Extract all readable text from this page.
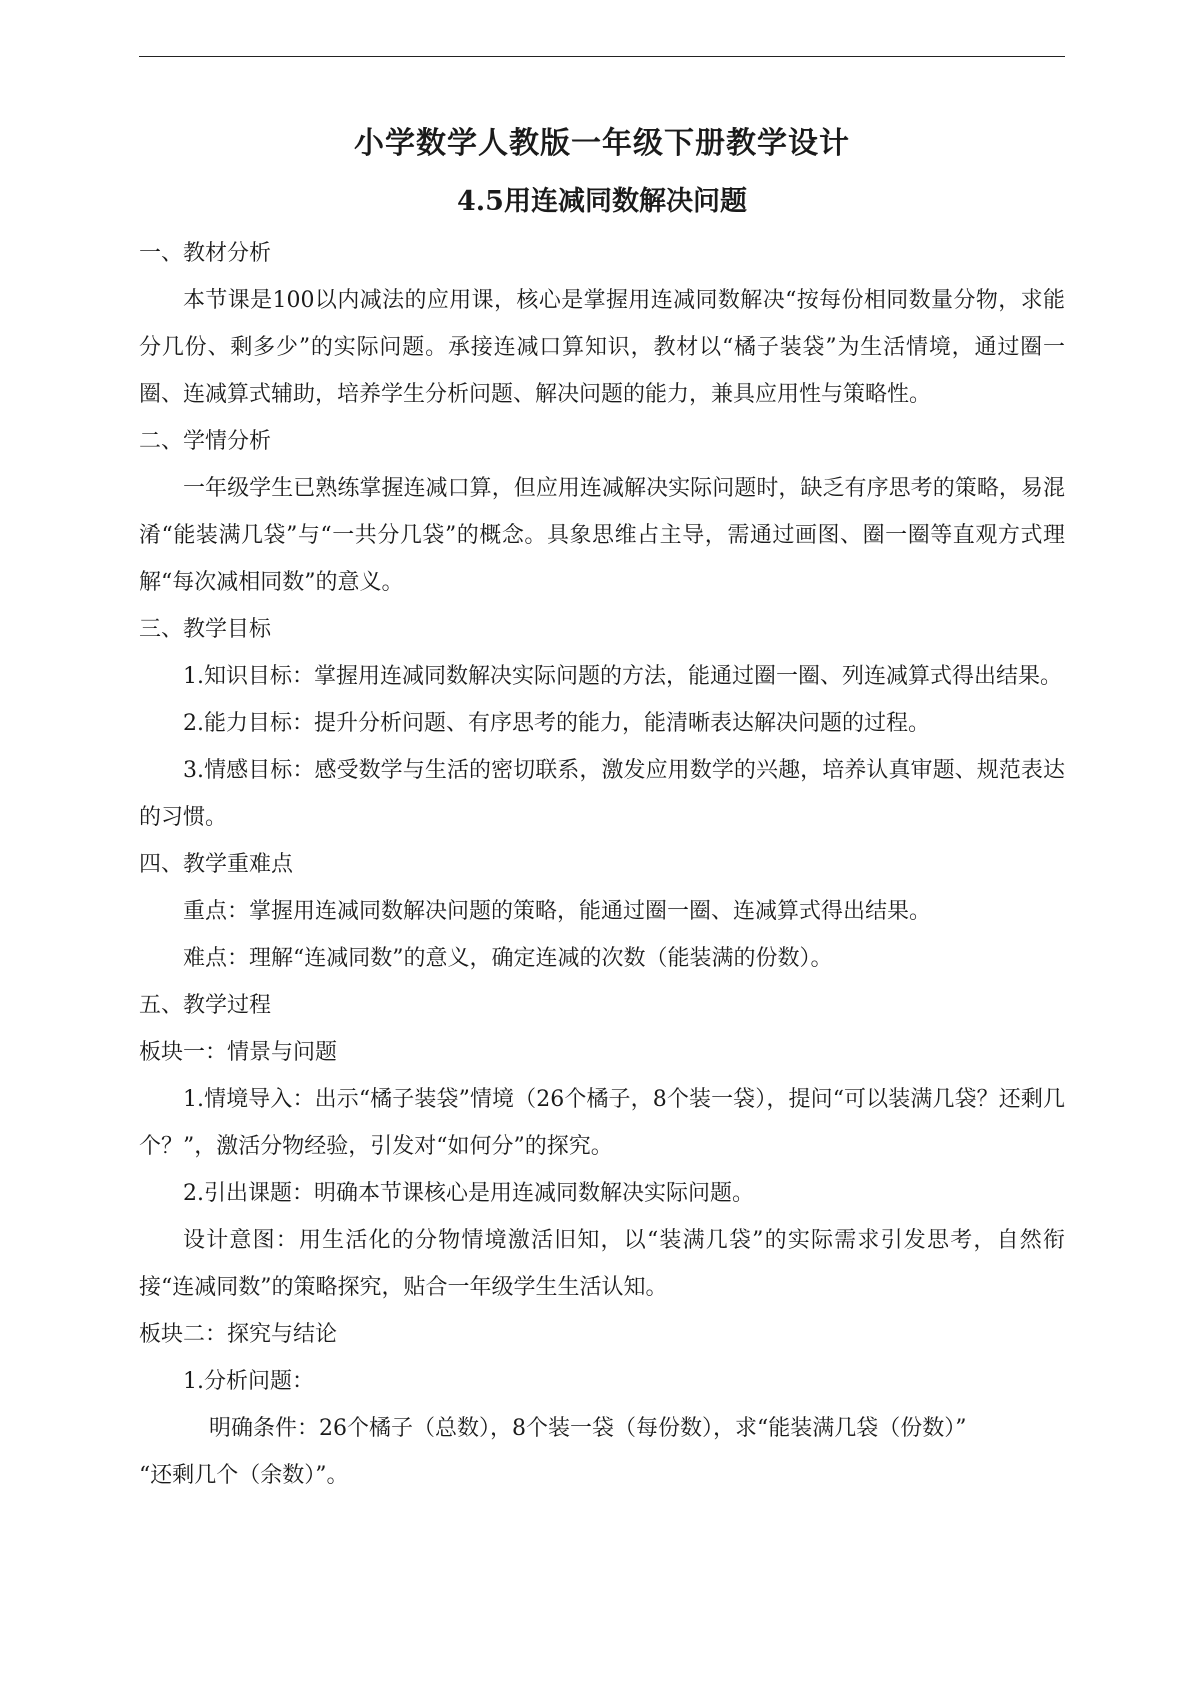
小学数学人教版一年级下册教学设计
4.5用连减同数解决问题

一、教材分析

本节课是100以内减法的应用课，核心是掌握用连减同数解决“按每份相同数量分物，求能分几份、剩多少”的实际问题。承接连减口算知识，教材以“橘子装袋”为生活情境，通过圈一圈、连减算式辅助，培养学生分析问题、解决问题的能力，兼具应用性与策略性。

二、学情分析

一年级学生已熟练掌握连减口算，但应用连减解决实际问题时，缺乏有序思考的策略，易混淆“能装满几袋”与“一共分几袋”的概念。具象思维占主导，需通过画图、圈一圈等直观方式理解“每次减相同数”的意义。

三、教学目标

1.知识目标：掌握用连减同数解决实际问题的方法，能通过圈一圈、列连减算式得出结果。

2.能力目标：提升分析问题、有序思考的能力，能清晰表达解决问题的过程。

3.情感目标：感受数学与生活的密切联系，激发应用数学的兴趣，培养认真审题、规范表达的习惯。

四、教学重难点

重点：掌握用连减同数解决问题的策略，能通过圈一圈、连减算式得出结果。

难点：理解“连减同数”的意义，确定连减的次数（能装满的份数）。

五、教学过程

板块一：情景与问题

1.情境导入：出示“橘子装袋”情境（26个橘子，8个装一袋），提问“可以装满几袋？还剩几个？”，激活分物经验，引发对“如何分”的探究。

2.引出课题：明确本节课核心是用连减同数解决实际问题。

设计意图：用生活化的分物情境激活旧知，以“装满几袋”的实际需求引发思考，自然衔接“连减同数”的策略探究，贴合一年级学生生活认知。

板块二：探究与结论

1.分析问题：

明确条件：26个橘子（总数），8个装一袋（每份数），求“能装满几袋（份数）”

“还剩几个（余数）”。
